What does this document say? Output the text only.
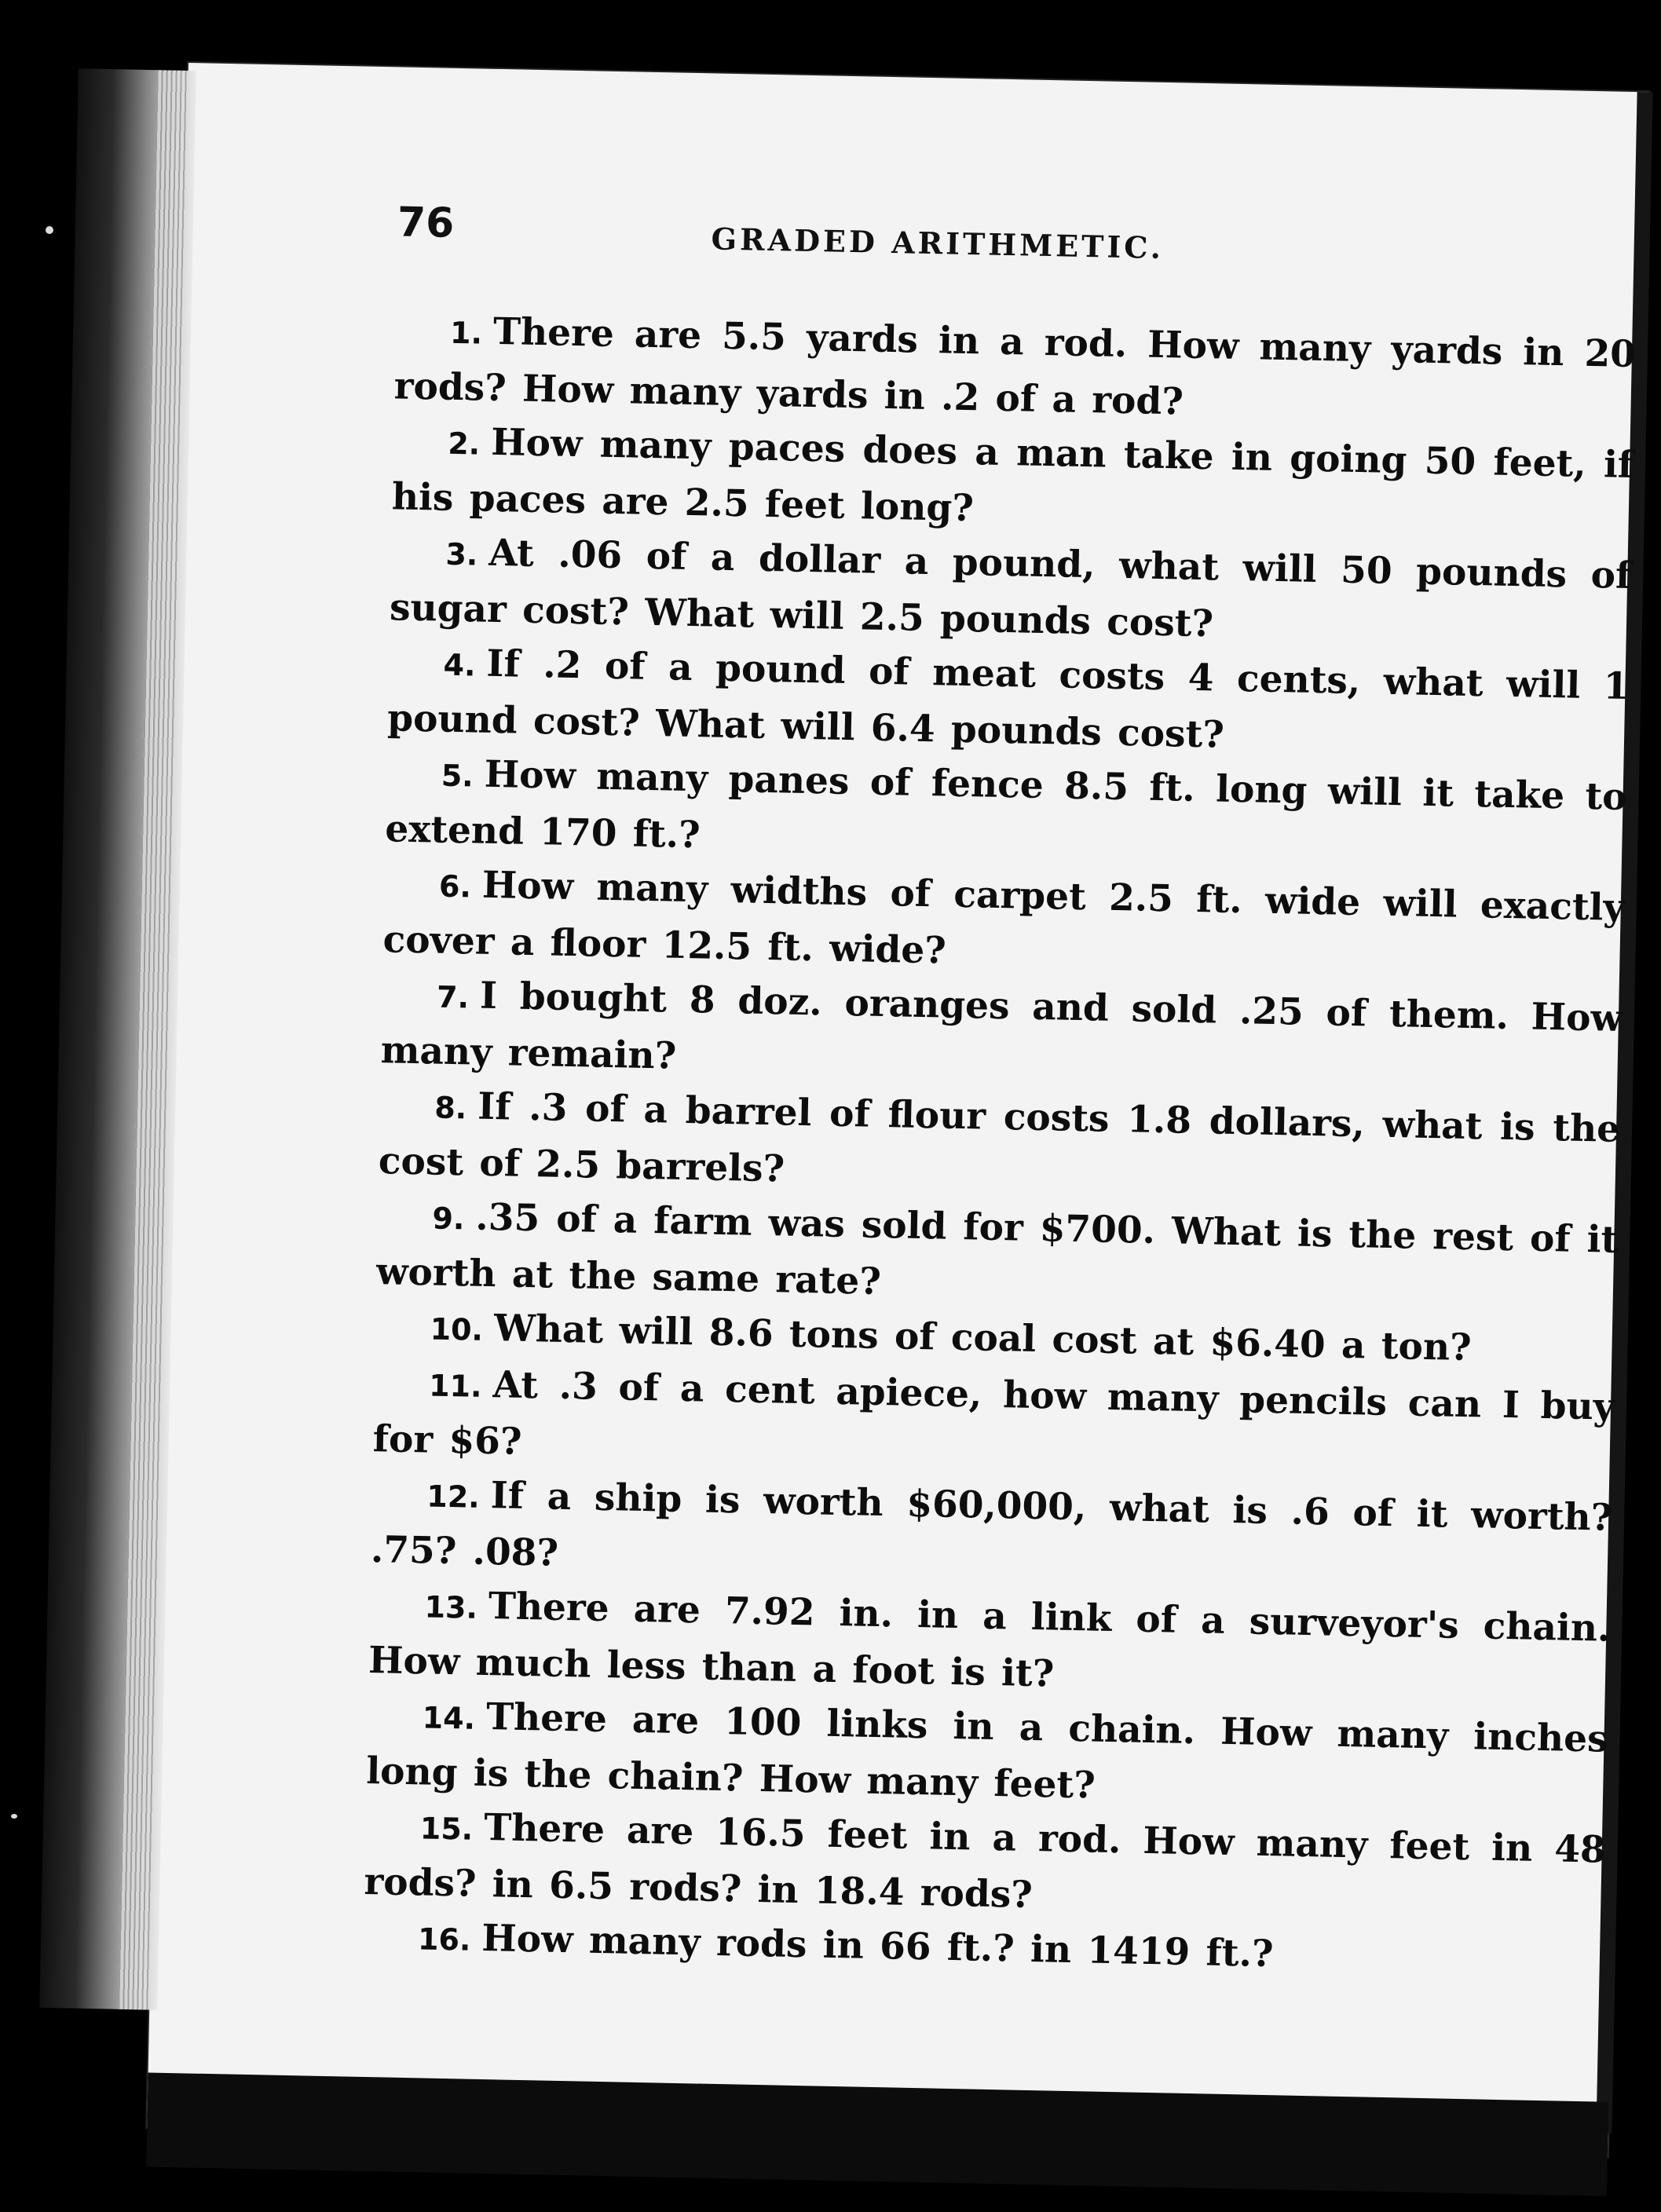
76	GRADED ARITHMETIC.

1. There are 5.5 yards in a rod. How many yards in 20 rods? How many yards in .2 of a rod?

2. How many paces does a man take in going 50 feet, if his paces are 2.5 feet long?

3. At .06 of a dollar a pound, what will 50 pounds of sugar cost? What will 2.5 pounds cost?

4. If .2 of a pound of meat costs 4 cents, what will 1 pound cost? What will 6.4 pounds cost?

5. How many panes of fence 8.5 ft. long will it take to extend 170 ft.?

6. How many widths of carpet 2.5 ft. wide will exactly cover a floor 12.5 ft. wide?

7. I bought 8 doz. oranges and sold .25 of them. How many remain?

8. If .3 of a barrel of flour costs 1.8 dollars, what is the cost of 2.5 barrels?

9. .35 of a farm was sold for $700. What is the rest of it worth at the same rate?

10. What will 8.6 tons of coal cost at $6.40 a ton?

11. At .3 of a cent apiece, how many pencils can I buy for $6?

12. If a ship is worth $60,000, what is .6 of it worth? .75? .08?

13. There are 7.92 in. in a link of a surveyor's chain. How much less than a foot is it?

14. There are 100 links in a chain. How many inches long is the chain? How many feet?

15. There are 16.5 feet in a rod. How many feet in 48 rods? in 6.5 rods? in 18.4 rods?

16. How many rods in 66 ft.? in 1419 ft.?
